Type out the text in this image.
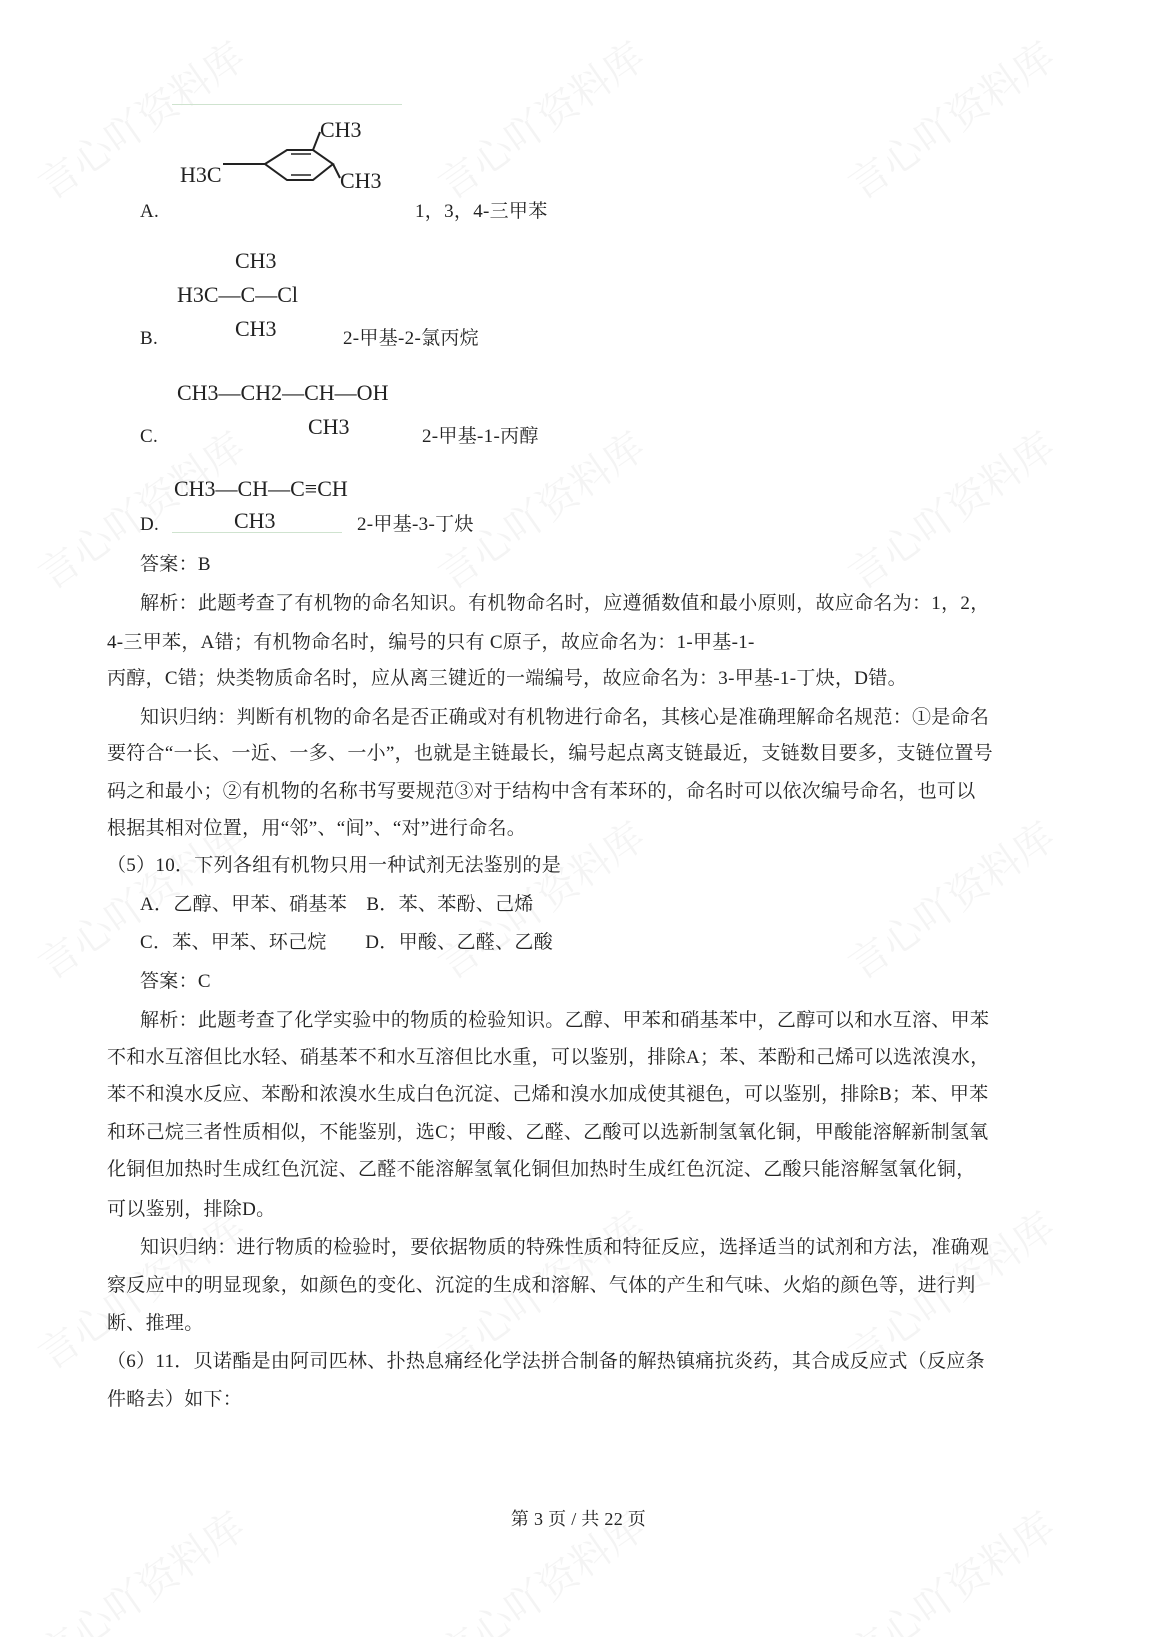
H3C
CH3
CH3
A.	1，3，4-三甲苯
CH3
H3C—C—Cl
CH3
B.	2-甲基-2-氯丙烷
CH3—CH2—CH—OH
CH3
C.	2-甲基-1-丙醇
CH3—CH—C≡CH
CH3
D.	2-甲基-3-丁炔
答案：B
解析：此题考查了有机物的命名知识。有机物命名时，应遵循数值和最小原则，故应命名为：1，2，
4-三甲苯，A错；有机物命名时，编号的只有 C原子，故应命名为：1-甲基-1-
丙醇，C错；炔类物质命名时，应从离三键近的一端编号，故应命名为：3-甲基-1-丁炔，D错。
知识归纳：判断有机物的命名是否正确或对有机物进行命名，其核心是准确理解命名规范：①是命名
要符合“一长、一近、一多、一小”，也就是主链最长，编号起点离支链最近，支链数目要多，支链位置号
码之和最小；②有机物的名称书写要规范③对于结构中含有苯环的，命名时可以依次编号命名，也可以
根据其相对位置，用“邻”、“间”、“对”进行命名。
（5）10．下列各组有机物只用一种试剂无法鉴别的是
A．乙醇、甲苯、硝基苯　B．苯、苯酚、己烯
C．苯、甲苯、环己烷　　D．甲酸、乙醛、乙酸
答案：C
解析：此题考查了化学实验中的物质的检验知识。乙醇、甲苯和硝基苯中，乙醇可以和水互溶、甲苯
不和水互溶但比水轻、硝基苯不和水互溶但比水重，可以鉴别，排除A；苯、苯酚和己烯可以选浓溴水，
苯不和溴水反应、苯酚和浓溴水生成白色沉淀、己烯和溴水加成使其褪色，可以鉴别，排除B；苯、甲苯
和环己烷三者性质相似，不能鉴别，选C；甲酸、乙醛、乙酸可以选新制氢氧化铜，甲酸能溶解新制氢氧
化铜但加热时生成红色沉淀、乙醛不能溶解氢氧化铜但加热时生成红色沉淀、乙酸只能溶解氢氧化铜，
可以鉴别，排除D。
知识归纳：进行物质的检验时，要依据物质的特殊性质和特征反应，选择适当的试剂和方法，准确观
察反应中的明显现象，如颜色的变化、沉淀的生成和溶解、气体的产生和气味、火焰的颜色等，进行判
断、推理。
（6）11．贝诺酯是由阿司匹林、扑热息痛经化学法拼合制备的解热镇痛抗炎药，其合成反应式（反应条
件略去）如下：
第 3 页 / 共 22 页
